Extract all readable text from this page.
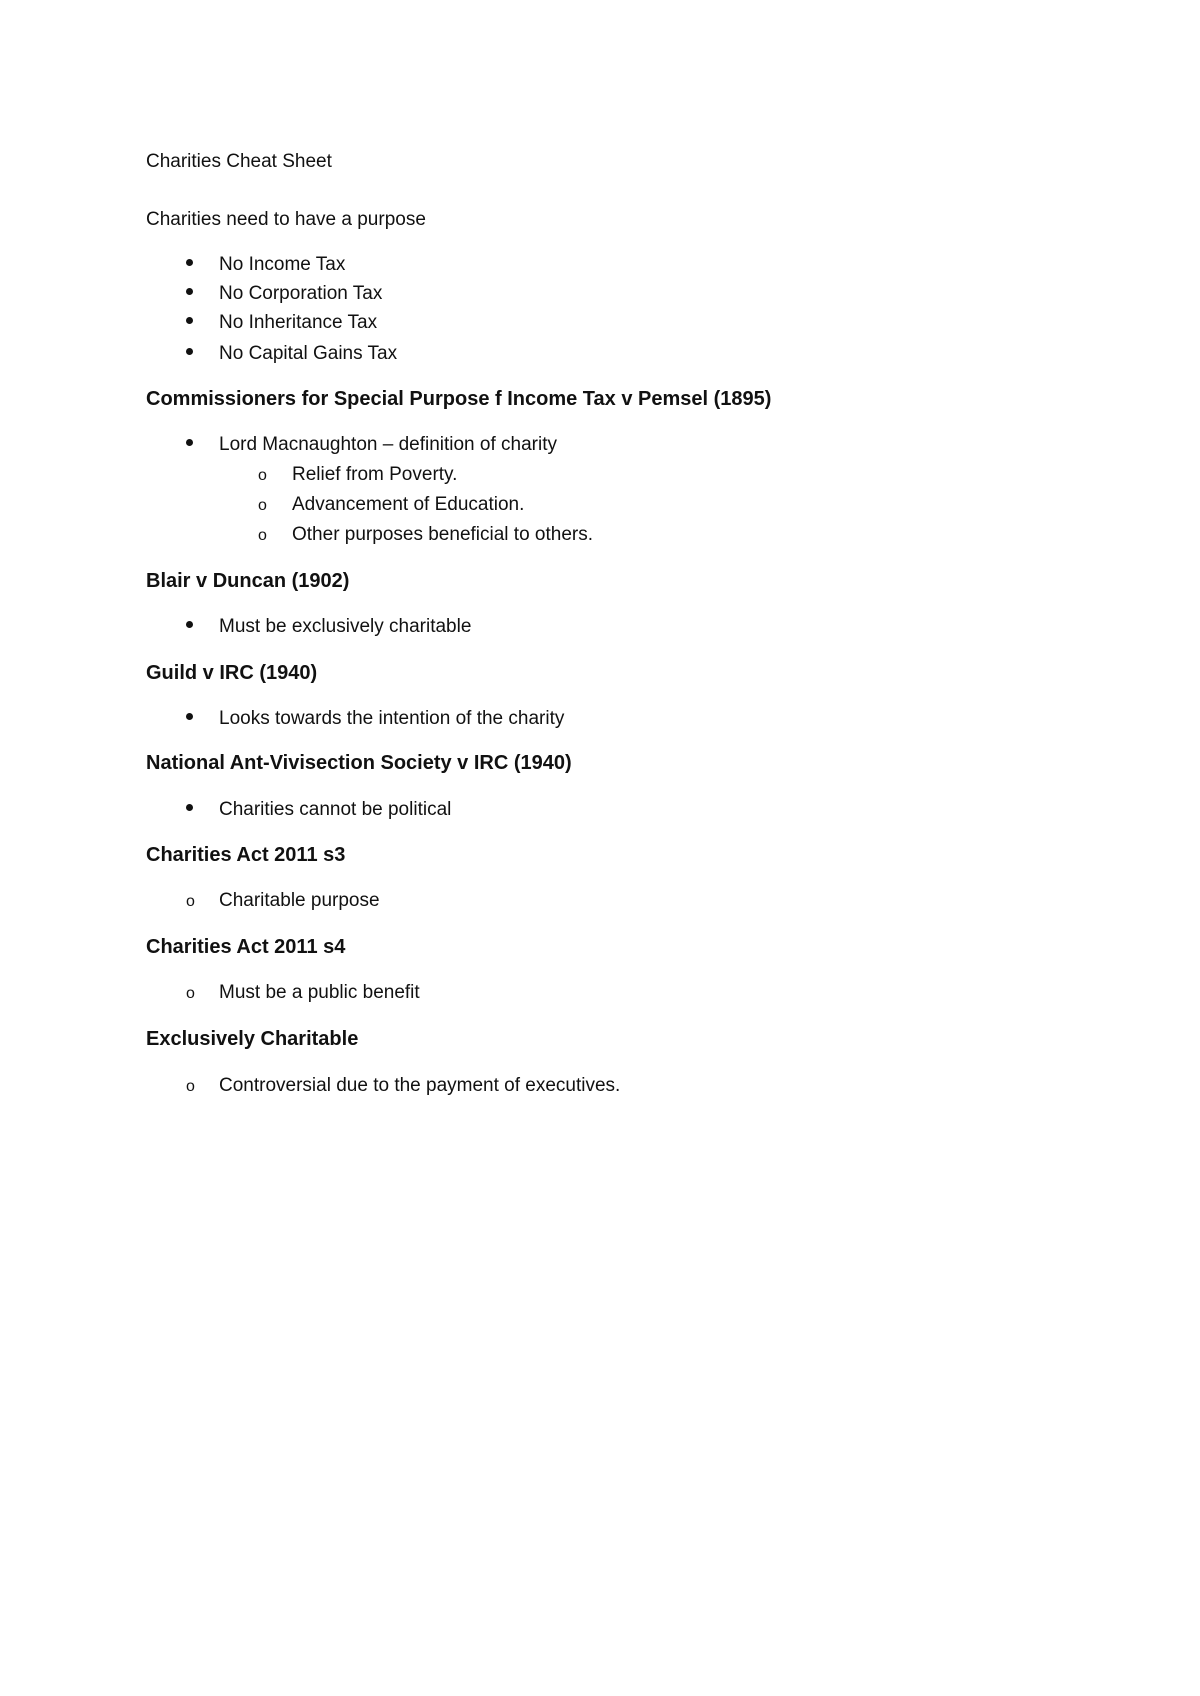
Charities Cheat Sheet
Charities need to have a purpose
No Income Tax
No Corporation Tax
No Inheritance Tax
No Capital Gains Tax
Commissioners for Special Purpose f Income Tax v Pemsel (1895)
Lord Macnaughton – definition of charity
o Relief from Poverty.
o Advancement of Education.
o Other purposes beneficial to others.
Blair v Duncan (1902)
Must be exclusively charitable
Guild v IRC (1940)
Looks towards the intention of the charity
National Ant-Vivisection Society v IRC (1940)
Charities cannot be political
Charities Act 2011 s3
o Charitable purpose
Charities Act 2011 s4
o Must be a public benefit
Exclusively Charitable
o Controversial due to the payment of executives.
